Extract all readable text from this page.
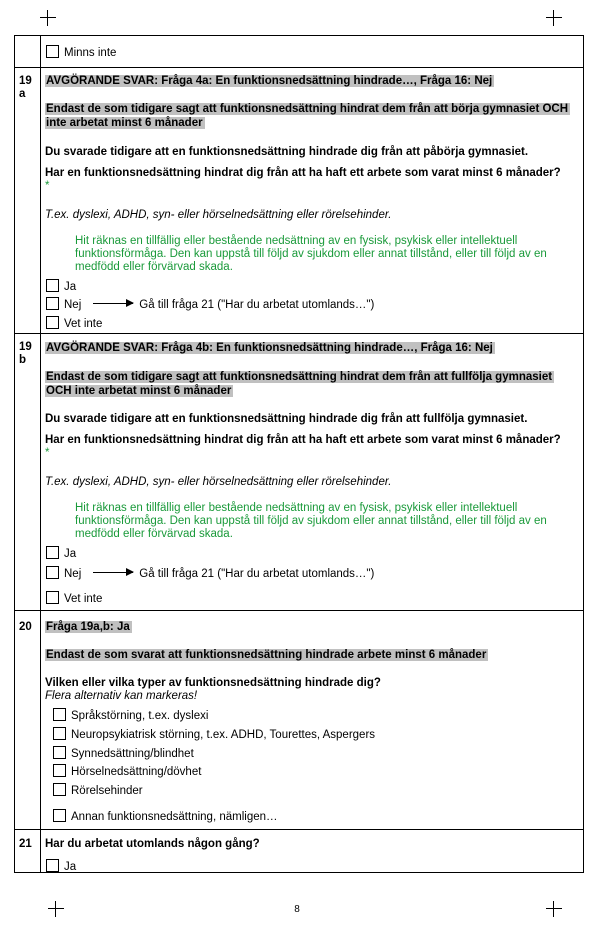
Minns inte
19
a
AVGÖRANDE SVAR: Fråga 4a: En funktionsnedsättning hindrade…, Fråga 16: Nej
Endast de som tidigare sagt att funktionsnedsättning hindrat dem från att börja gymnasiet OCH
inte arbetat minst 6 månader
Du svarade tidigare att en funktionsnedsättning hindrade dig från att påbörja gymnasiet.
Har en funktionsnedsättning hindrat dig från att ha haft ett arbete som varat minst 6 månader?
*
T.ex. dyslexi, ADHD, syn- eller hörselnedsättning eller rörelsehinder.
Hit räknas en tillfällig eller bestående nedsättning av en fysisk, psykisk eller intellektuell funktionsförmåga. Den kan uppstå till följd av sjukdom eller annat tillstånd, eller till följd av en medfödd eller förvärvad skada.
Ja
Nej	Gå till fråga 21 ("Har du arbetat utomlands…")
Vet inte
19
b
AVGÖRANDE SVAR: Fråga 4b: En funktionsnedsättning hindrade…, Fråga 16: Nej
Endast de som tidigare sagt att funktionsnedsättning hindrat dem från att fullfölja gymnasiet
OCH inte arbetat minst 6 månader
Du svarade tidigare att en funktionsnedsättning hindrade dig från att fullfölja gymnasiet.
Har en funktionsnedsättning hindrat dig från att ha haft ett arbete som varat minst 6 månader?
*
T.ex. dyslexi, ADHD, syn- eller hörselnedsättning eller rörelsehinder.
Hit räknas en tillfällig eller bestående nedsättning av en fysisk, psykisk eller intellektuell funktionsförmåga. Den kan uppstå till följd av sjukdom eller annat tillstånd, eller till följd av en medfödd eller förvärvad skada.
Ja
Nej	Gå till fråga 21 ("Har du arbetat utomlands…")
Vet inte
20 Fråga 19a,b: Ja
Endast de som svarat att funktionsnedsättning hindrade arbete minst 6 månader
Vilken eller vilka typer av funktionsnedsättning hindrade dig?
Flera alternativ kan markeras!
Språkstörning, t.ex. dyslexi
Neuropsykiatrisk störning, t.ex. ADHD, Tourettes, Aspergers
Synnedsättning/blindhet
Hörselnedsättning/dövhet
Rörelsehinder
Annan funktionsnedsättning, nämligen…
21 Har du arbetat utomlands någon gång?
Ja
8
